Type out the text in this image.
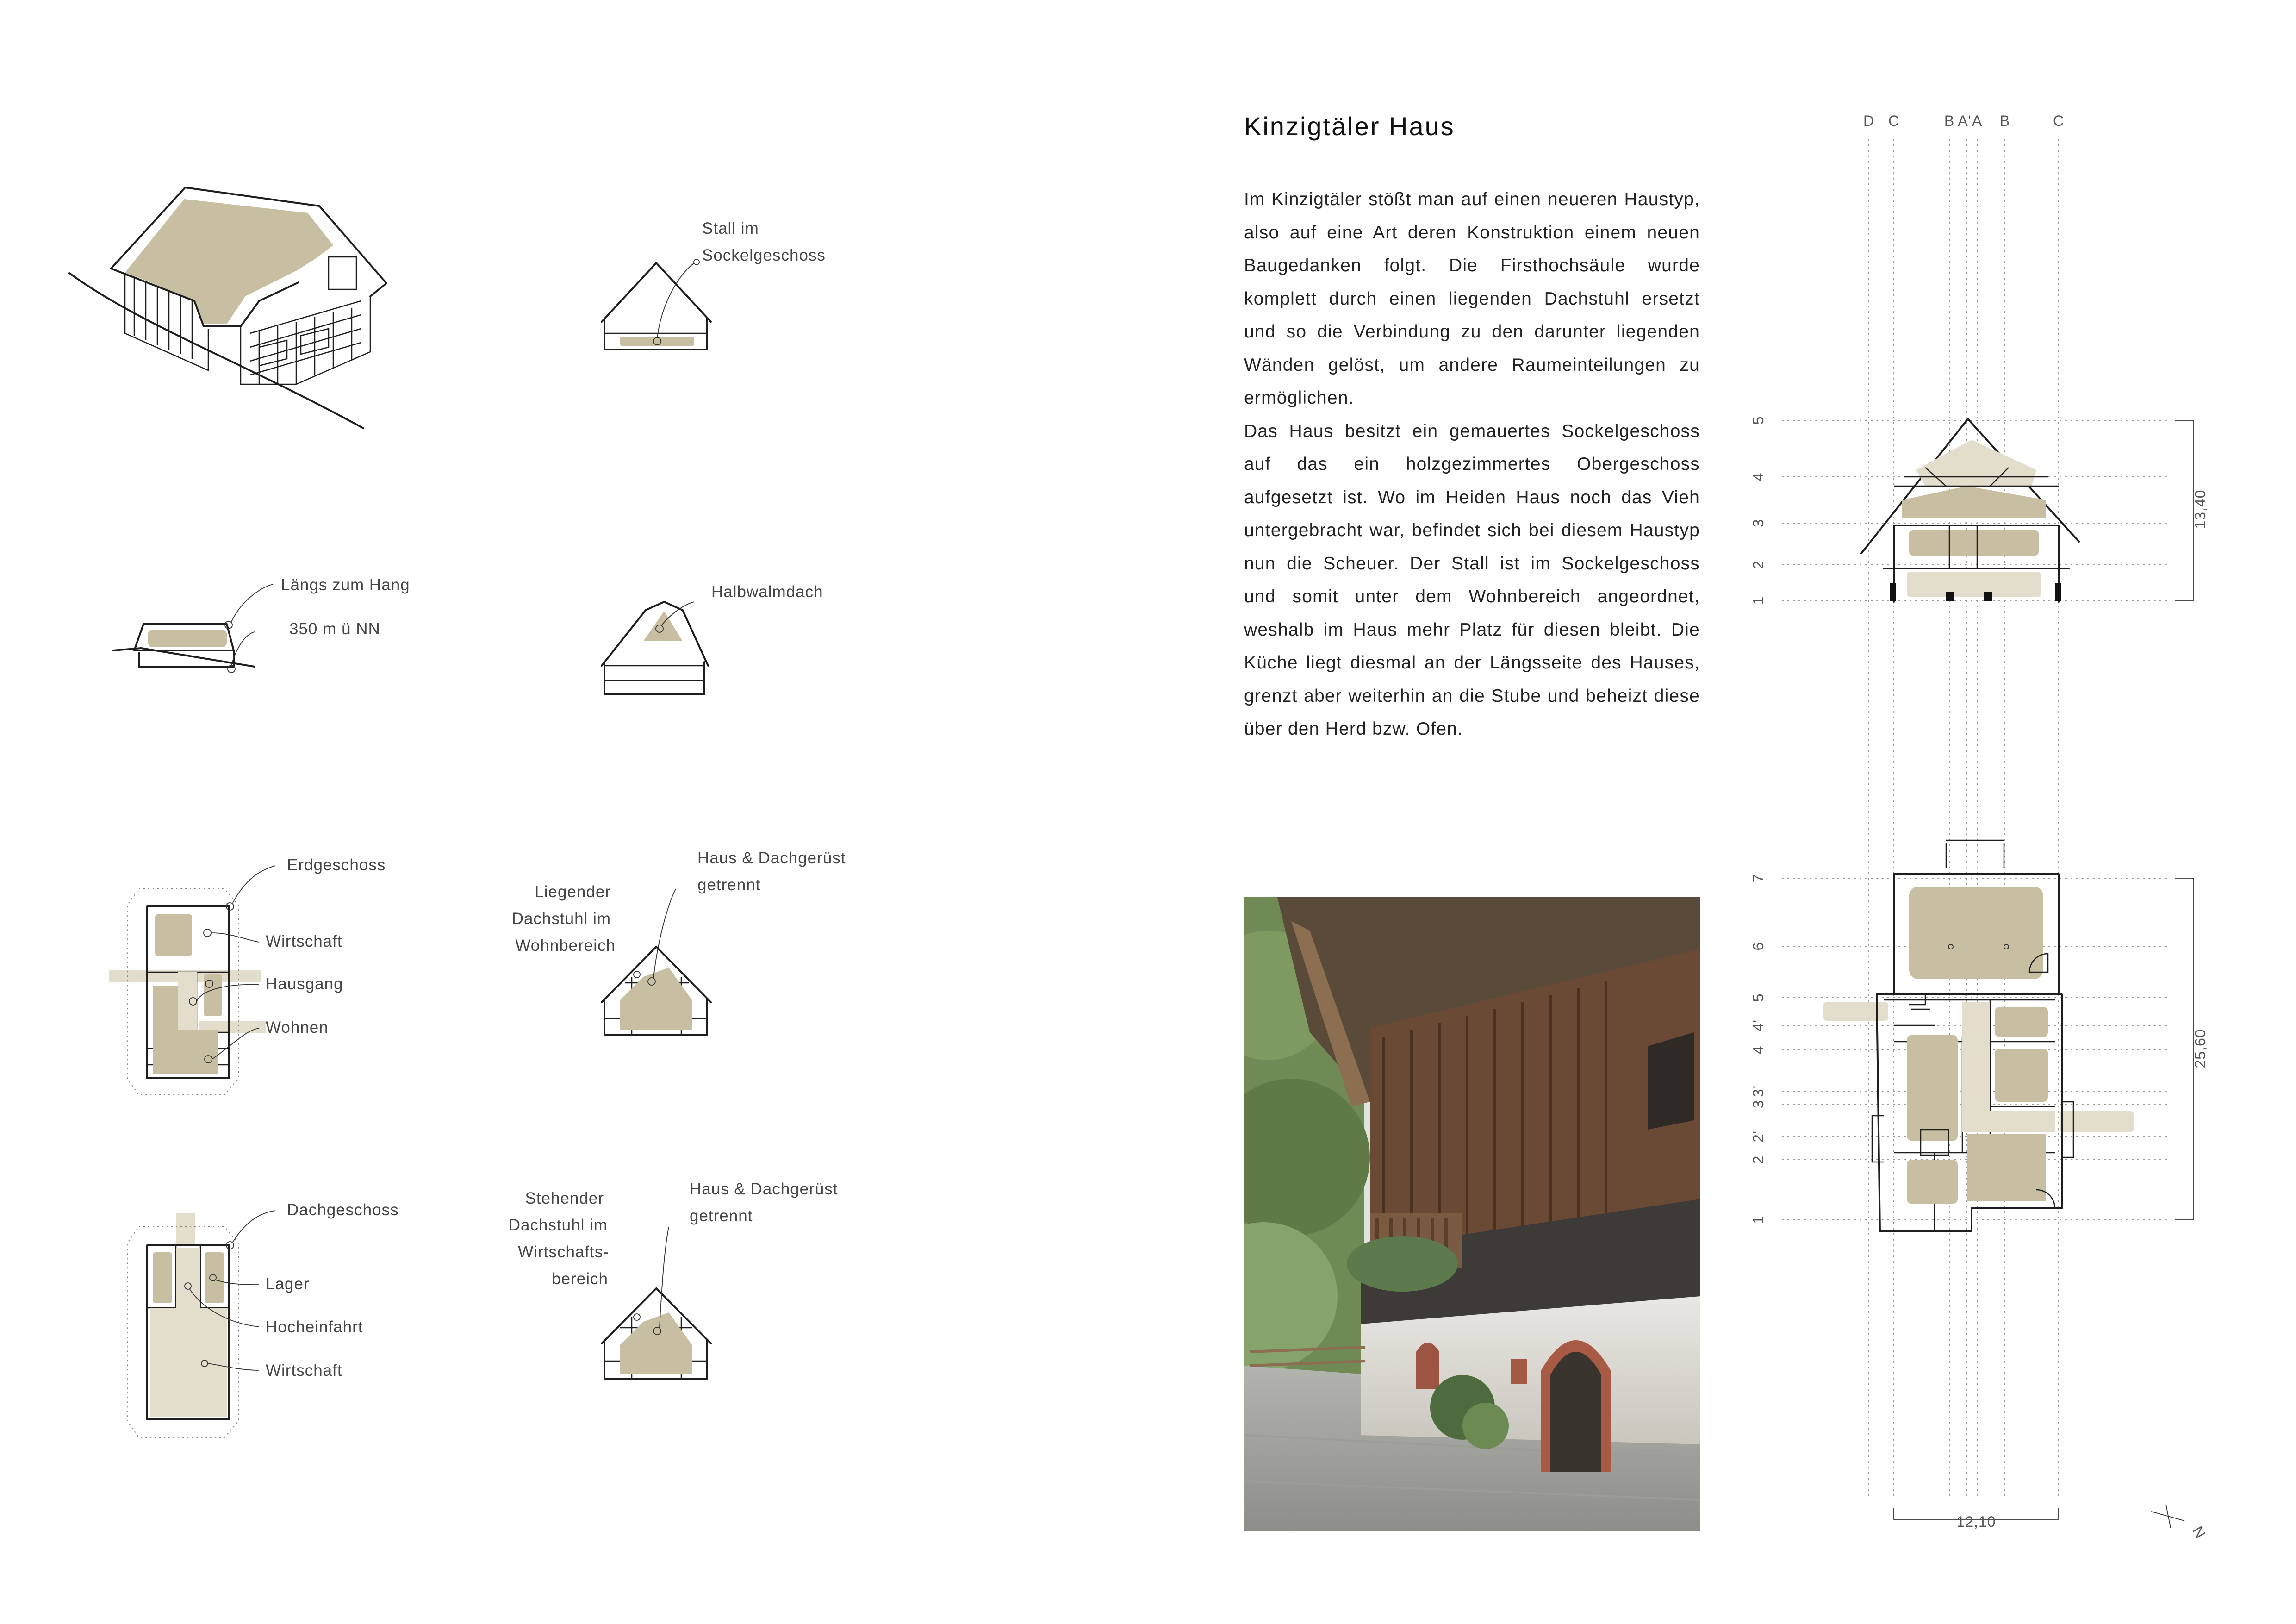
Kinzigtäler Haus

Im Kinzigtäler stößt man auf einen neueren Haustyp, also auf eine Art deren Konstruktion einem neuen Baugedanken folgt. Die Firsthochsäule wurde komplett durch einen liegenden Dachstuhl ersetzt und so die Verbindung zu den darunter liegenden Wänden gelöst, um andere Raumeinteilungen zu ermöglichen.

Das Haus besitzt ein gemauertes Sockelgeschoss auf das ein holzgezimmertes Obergeschoss aufgesetzt ist. Wo im Heiden Haus noch das Vieh untergebracht war, befindet sich bei diesem Haustyp nun die Scheuer. Der Stall ist im Sockelgeschoss und somit unter dem Wohnbereich angeordnet, weshalb im Haus mehr Platz für diesen bleibt. Die Küche liegt diesmal an der Längsseite des Hauses, grenzt aber weiterhin an die Stube und beheizt diese über den Herd bzw. Ofen.

Stall im
Sockelgeschoss
Längs zum Hang
350 m ü NN
Halbwalmdach
Erdgeschoss
Wirtschaft
Hausgang
Wohnen
Haus & Dachgerüst
getrennt
Liegender
Dachstuhl im
Wohnbereich
Dachgeschoss
Lager
Hocheinfahrt
Wirtschaft
Haus & Dachgerüst
getrennt
Stehender
Dachstuhl im
Wirtschafts-
bereich
D C	B A' A B	C
5
4
3
2
1
13,40
7
6
5
4'
4
3'
3
2'
2
1
25,60
12,10
N
